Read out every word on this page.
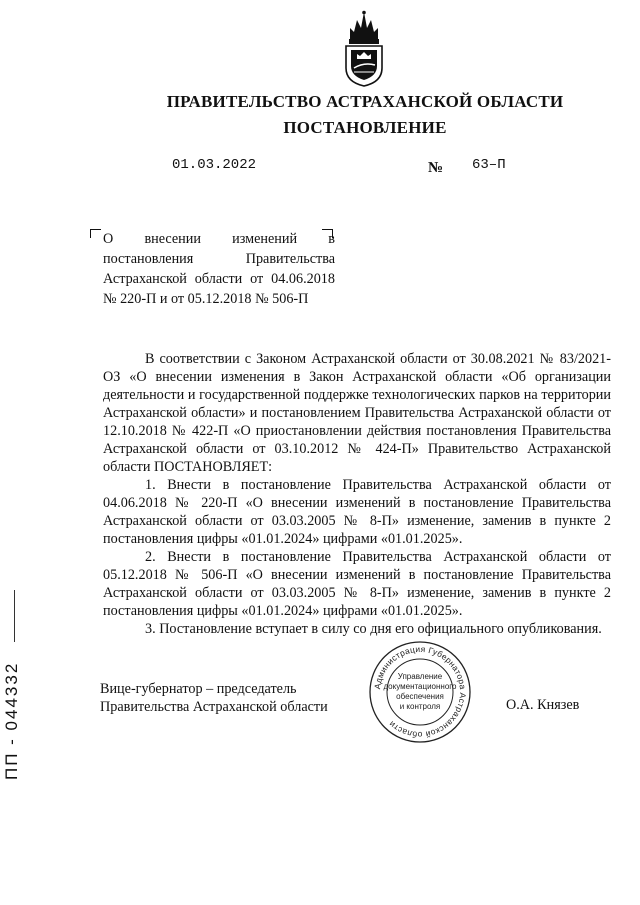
ПРАВИТЕЛЬСТВО АСТРАХАНСКОЙ ОБЛАСТИ
ПОСТАНОВЛЕНИЕ
01.03.2022	№ 63–П
О внесении изменений в постановления Правительства Астраханской области от 04.06.2018 № 220-П и от 05.12.2018 № 506-П

В соответствии с Законом Астраханской области от 30.08.2021 № 83/2021-ОЗ «О внесении изменения в Закон Астраханской области «Об организации деятельности и государственной поддержке технологических парков на территории Астраханской области» и постановлением Правительства Астраханской области от 12.10.2018 № 422-П «О приостановлении действия постановления Правительства Астраханской области от 03.10.2012 № 424-П» Правительство Астраханской области ПОСТАНОВЛЯЕТ:

1. Внести в постановление Правительства Астраханской области от 04.06.2018 № 220-П «О внесении изменений в постановление Правительства Астраханской области от 03.03.2005 № 8-П» изменение, заменив в пункте 2 постановления цифры «01.01.2024» цифрами «01.01.2025».

2. Внести в постановление Правительства Астраханской области от 05.12.2018 № 506-П «О внесении изменений в постановление Правительства Астраханской области от 03.03.2005 № 8-П» изменение, заменив в пункте 2 постановления цифры «01.01.2024» цифрами «01.01.2025».

3. Постановление вступает в силу со дня его официального опубликования.

Вице-губернатор – председатель
Правительства Астраханской области
Администрация Губернатора Астраханской области
Управление
документационного
обеспечения
и контроля	О.А. Князев
ПП - 044332
